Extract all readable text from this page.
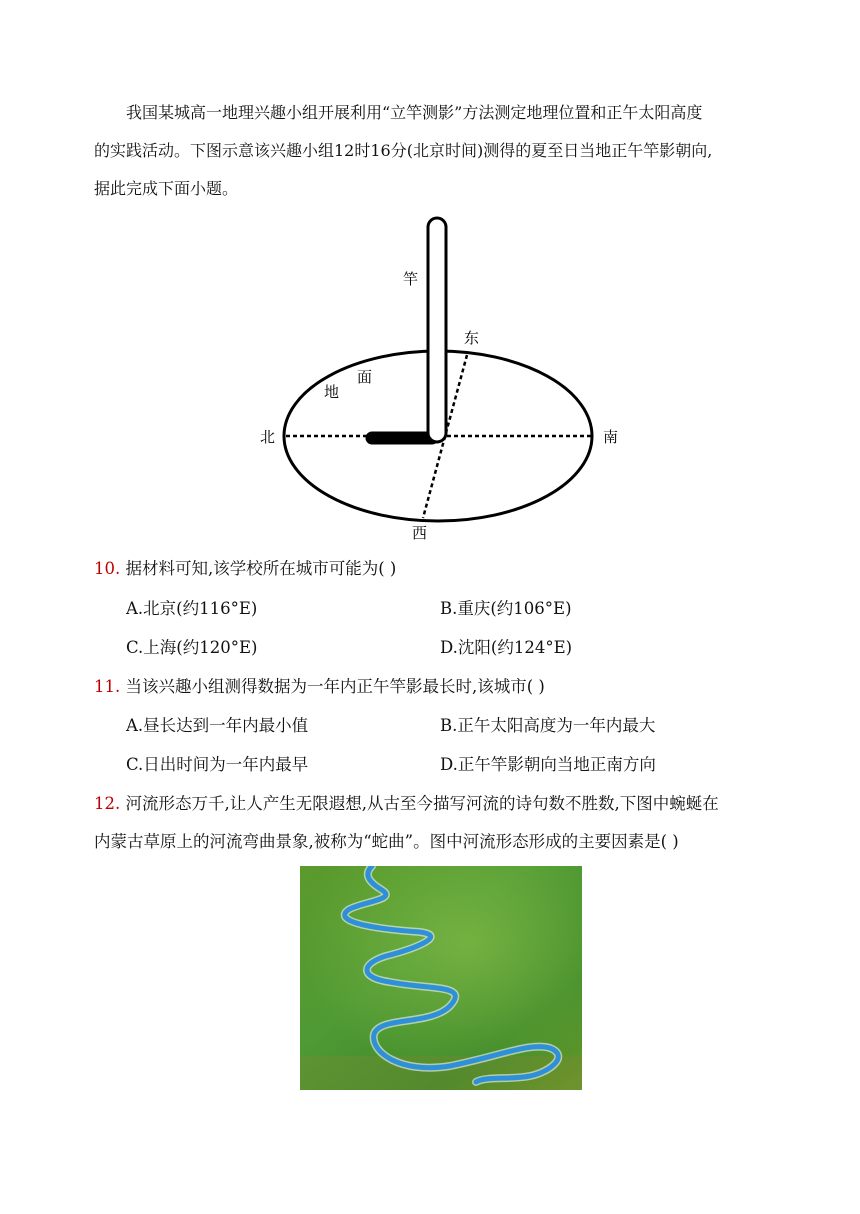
我国某城高一地理兴趣小组开展利用“立竿测影”方法测定地理位置和正午太阳高度
的实践活动。下图示意该兴趣小组12时16分(北京时间)测得的夏至日当地正午竿影朝向,
据此完成下面小题。
竿
面
地
北	南
东
西
10. 据材料可知,该学校所在城市可能为( )
A.北京(约116°E)	B.重庆(约106°E)
C.上海(约120°E)	D.沈阳(约124°E)
11. 当该兴趣小组测得数据为一年内正午竿影最长时,该城市( )
A.昼长达到一年内最小值	B.正午太阳高度为一年内最大
C.日出时间为一年内最早	D.正午竿影朝向当地正南方向
12. 河流形态万千,让人产生无限遐想,从古至今描写河流的诗句数不胜数,下图中蜿蜒在
内蒙古草原上的河流弯曲景象,被称为“蛇曲”。图中河流形态形成的主要因素是( )
